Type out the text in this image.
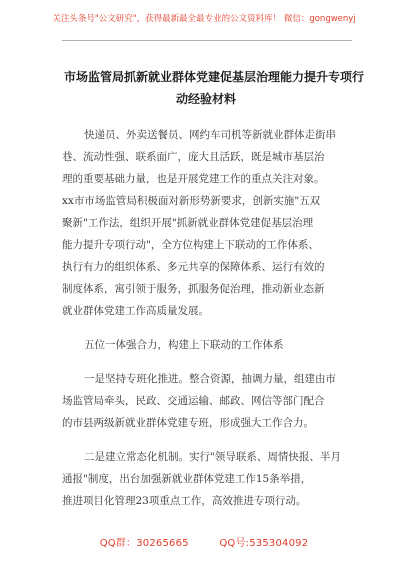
关注头条号"公文研究"，获得最新最全最专业的公文资料库！ 微信：gongwenyj
市场监管局抓新就业群体党建促基层治理能力提升专项行
动经验材料
快递员、外卖送餐员、网约车司机等新就业群体走街串
巷、流动性强、联系面广，庞大且活跃，既是城市基层治
理的重要基础力量，也是开展党建工作的重点关注对象。
xx市市场监管局积极面对新形势新要求，创新实施"五双
聚新"工作法，组织开展"抓新就业群体党建促基层治理
能力提升专项行动"，全方位构建上下联动的工作体系、
执行有力的组织体系、多元共享的保障体系、运行有效的
制度体系，寓引领于服务，抓服务促治理，推动新业态新
就业群体党建工作高质量发展。
五位一体强合力，构建上下联动的工作体系
一是坚持专班化推进。整合资源，抽调力量，组建由市
场监管局牵头，民政、交通运输、邮政、网信等部门配合
的市县两级新就业群体党建专班，形成强大工作合力。
二是建立常态化机制。实行"领导联系、周情快报、半月
通报"制度，出台加强新就业群体党建工作15条举措，
推进项目化管理23项重点工作，高效推进专项行动。
QQ群：30265665　　　QQ号:535304092
